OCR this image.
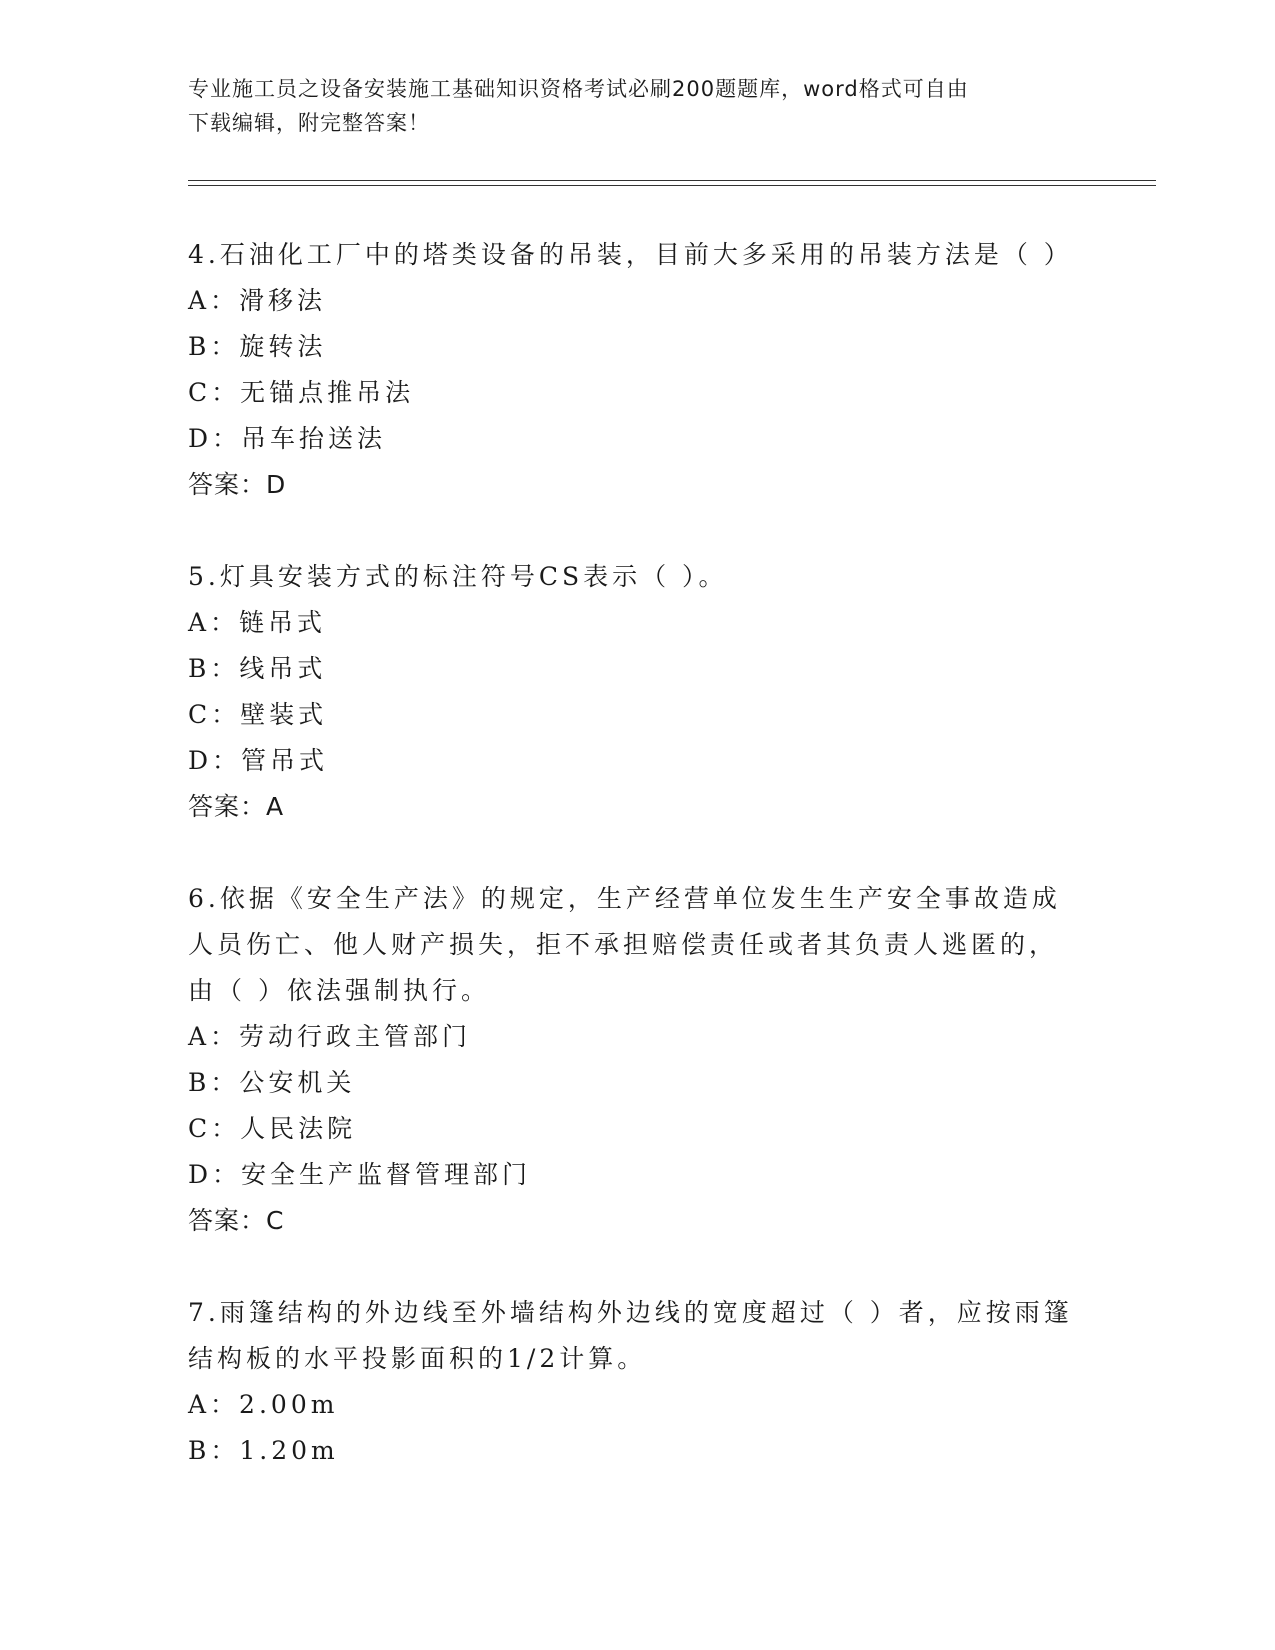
专业施工员之设备安装施工基础知识资格考试必刷200题题库，word格式可自由
下载编辑，附完整答案！

4.石油化工厂中的塔类设备的吊装，目前大多采用的吊装方法是（ ）

A：滑移法

B：旋转法

C：无锚点推吊法

D：吊车抬送法

答案：D

5.灯具安装方式的标注符号CS表示（ ）。

A：链吊式

B：线吊式

C：壁装式

D：管吊式

答案：A

6.依据《安全生产法》的规定，生产经营单位发生生产安全事故造成

人员伤亡、他人财产损失，拒不承担赔偿责任或者其负责人逃匿的，

由（ ）依法强制执行。

A：劳动行政主管部门

B：公安机关

C：人民法院

D：安全生产监督管理部门

答案：C

7.雨篷结构的外边线至外墙结构外边线的宽度超过（ ）者，应按雨篷

结构板的水平投影面积的1/2计算。

A：2.00m

B：1.20m
